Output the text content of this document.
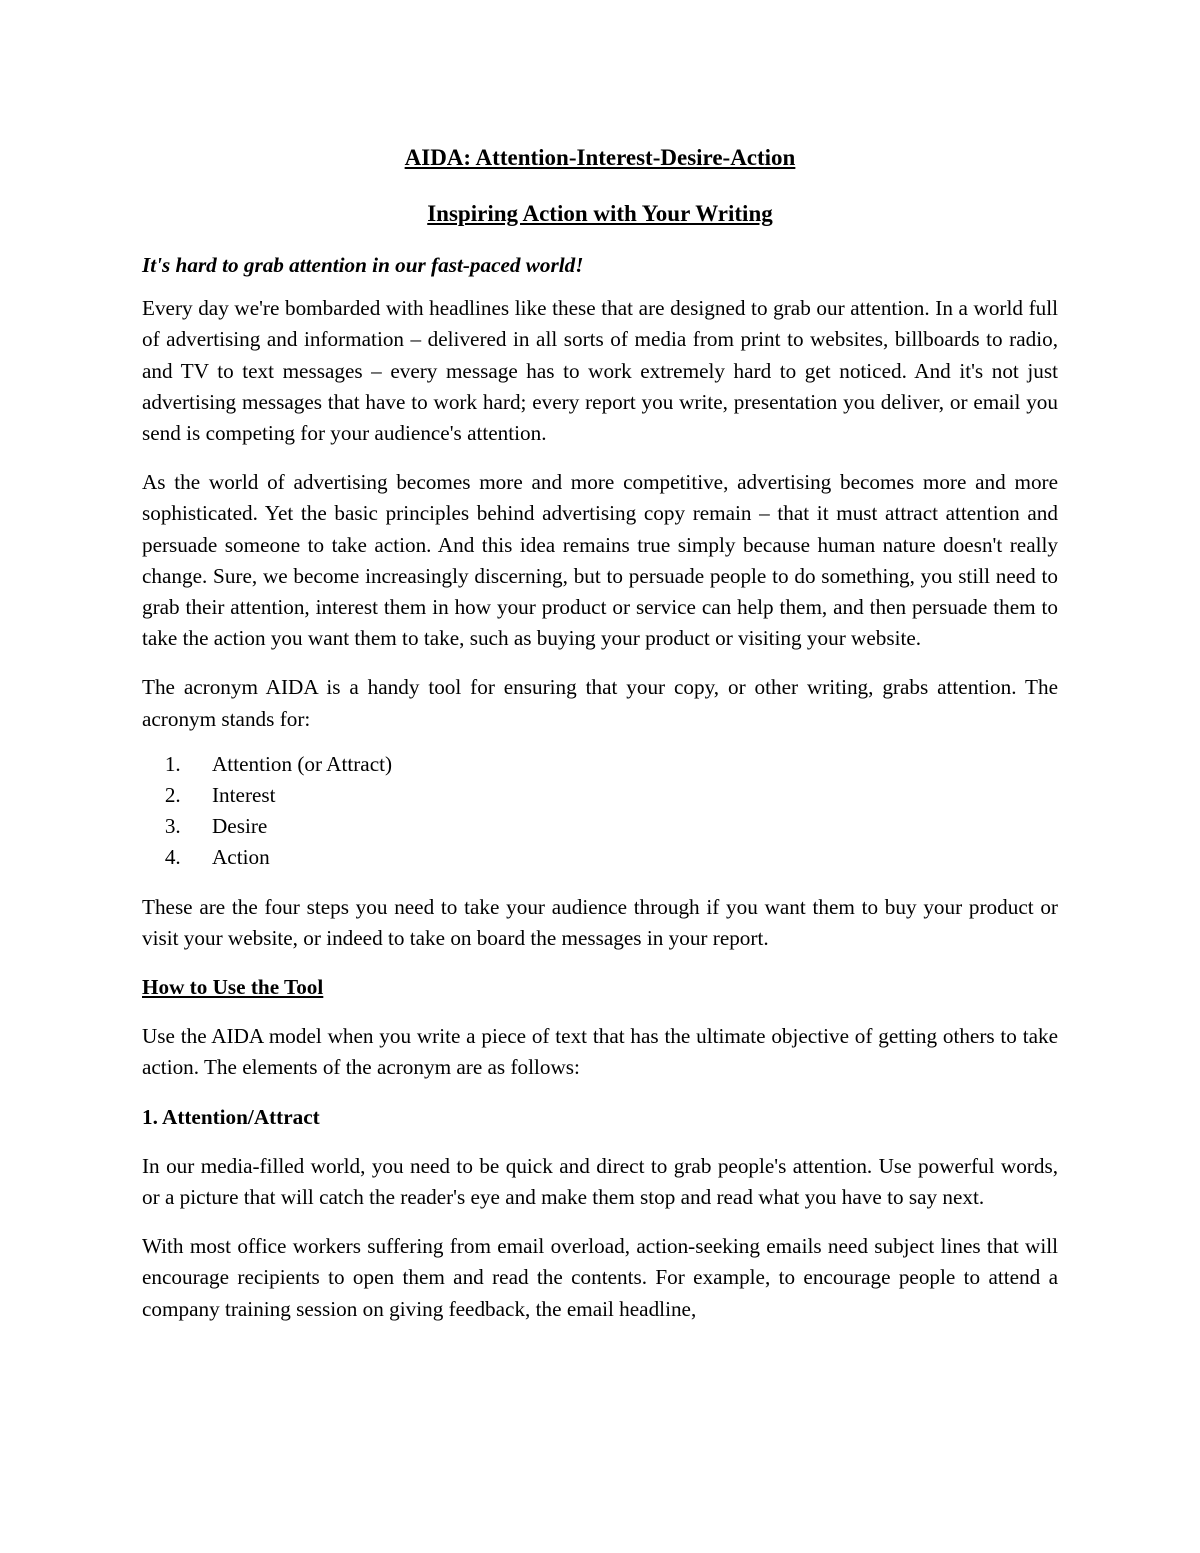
AIDA: Attention-Interest-Desire-Action
Inspiring Action with Your Writing

It's hard to grab attention in our fast-paced world!

Every day we're bombarded with headlines like these that are designed to grab our attention. In a world full of advertising and information – delivered in all sorts of media from print to websites, billboards to radio, and TV to text messages – every message has to work extremely hard to get noticed. And it's not just advertising messages that have to work hard; every report you write, presentation you deliver, or email you send is competing for your audience's attention.

As the world of advertising becomes more and more competitive, advertising becomes more and more sophisticated. Yet the basic principles behind advertising copy remain – that it must attract attention and persuade someone to take action. And this idea remains true simply because human nature doesn't really change. Sure, we become increasingly discerning, but to persuade people to do something, you still need to grab their attention, interest them in how your product or service can help them, and then persuade them to take the action you want them to take, such as buying your product or visiting your website.

The acronym AIDA is a handy tool for ensuring that your copy, or other writing, grabs attention. The acronym stands for:

1. Attention (or Attract)
2. Interest
3. Desire
4. Action

These are the four steps you need to take your audience through if you want them to buy your product or visit your website, or indeed to take on board the messages in your report.

How to Use the Tool

Use the AIDA model when you write a piece of text that has the ultimate objective of getting others to take action. The elements of the acronym are as follows:

1. Attention/Attract

In our media-filled world, you need to be quick and direct to grab people's attention. Use powerful words, or a picture that will catch the reader's eye and make them stop and read what you have to say next.

With most office workers suffering from email overload, action-seeking emails need subject lines that will encourage recipients to open them and read the contents. For example, to encourage people to attend a company training session on giving feedback, the email headline,
